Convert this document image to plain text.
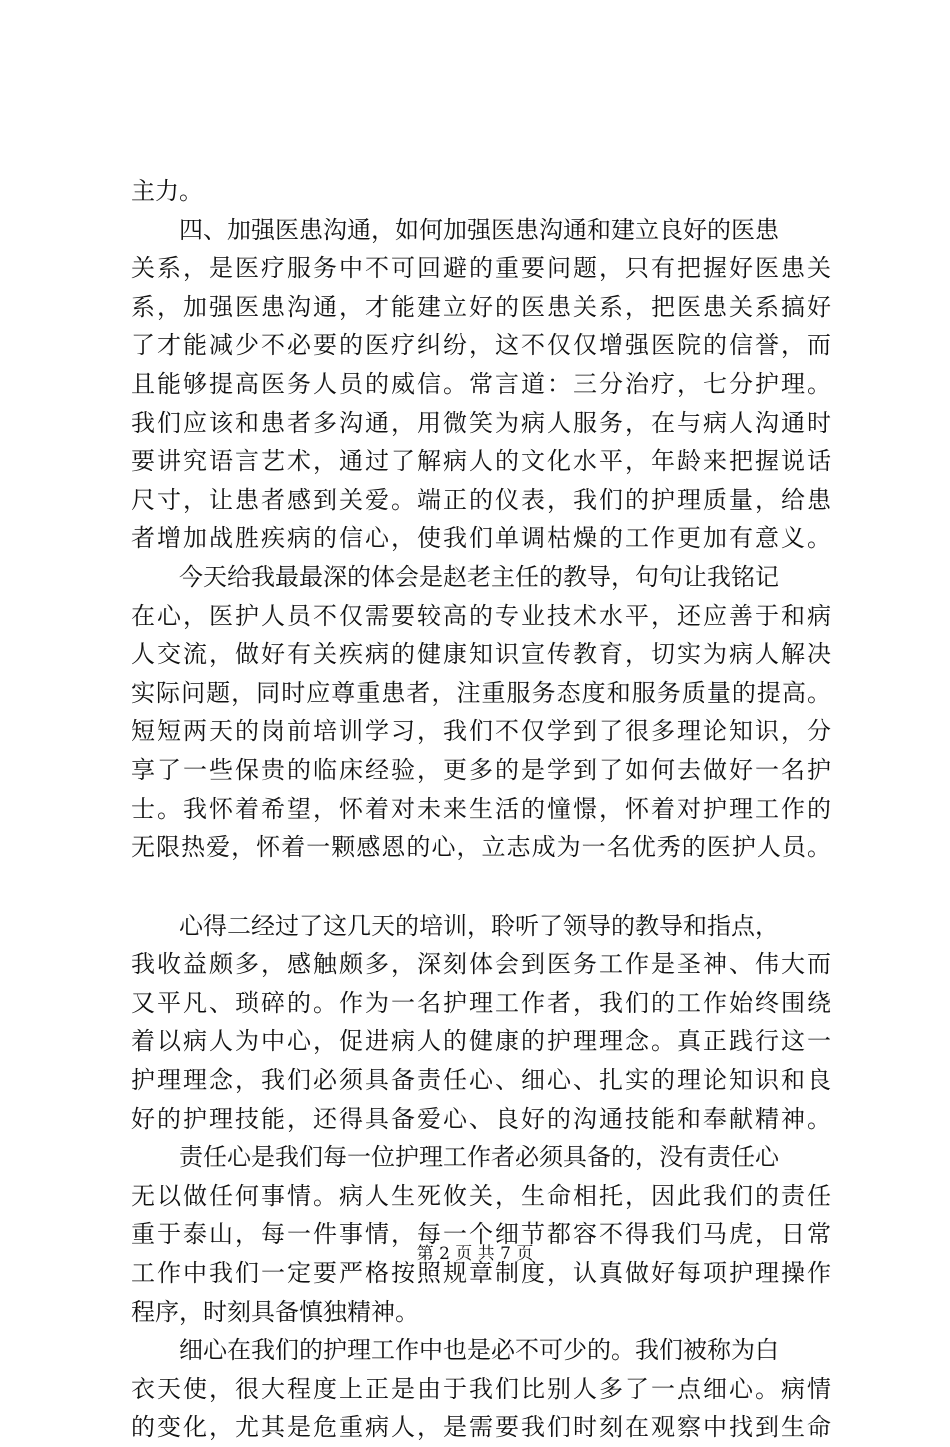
主力。
四、加强医患沟通，如何加强医患沟通和建立良好的医患
关系，是医疗服务中不可回避的重要问题，只有把握好医患关
系，加强医患沟通，才能建立好的医患关系，把医患关系搞好
了才能减少不必要的医疗纠纷，这不仅仅增强医院的信誉，而
且能够提高医务人员的威信。常言道：三分治疗，七分护理。
我们应该和患者多沟通，用微笑为病人服务，在与病人沟通时
要讲究语言艺术，通过了解病人的文化水平，年龄来把握说话
尺寸，让患者感到关爱。端正的仪表，我们的护理质量，给患
者增加战胜疾病的信心，使我们单调枯燥的工作更加有意义。
今天给我最最深的体会是赵老主任的教导，句句让我铭记
在心，医护人员不仅需要较高的专业技术水平，还应善于和病
人交流，做好有关疾病的健康知识宣传教育，切实为病人解决
实际问题，同时应尊重患者，注重服务态度和服务质量的提高。
短短两天的岗前培训学习，我们不仅学到了很多理论知识，分
享了一些保贵的临床经验，更多的是学到了如何去做好一名护
士。我怀着希望，怀着对未来生活的憧憬，怀着对护理工作的
无限热爱，怀着一颗感恩的心，立志成为一名优秀的医护人员。
心得二经过了这几天的培训，聆听了领导的教导和指点，
我收益颇多，感触颇多，深刻体会到医务工作是圣神、伟大而
又平凡、琐碎的。作为一名护理工作者，我们的工作始终围绕
着以病人为中心，促进病人的健康的护理理念。真正践行这一
护理理念，我们必须具备责任心、细心、扎实的理论知识和良
好的护理技能，还得具备爱心、良好的沟通技能和奉献精神。
责任心是我们每一位护理工作者必须具备的，没有责任心
无以做任何事情。病人生死攸关，生命相托，因此我们的责任
重于泰山，每一件事情，每一个细节都容不得我们马虎，日常
工作中我们一定要严格按照规章制度，认真做好每项护理操作
程序，时刻具备慎独精神。
细心在我们的护理工作中也是必不可少的。我们被称为白
衣天使，很大程度上正是由于我们比别人多了一点细心。病情
的变化，尤其是危重病人，是需要我们时刻在观察中找到生命
第 2 页 共 7 页
